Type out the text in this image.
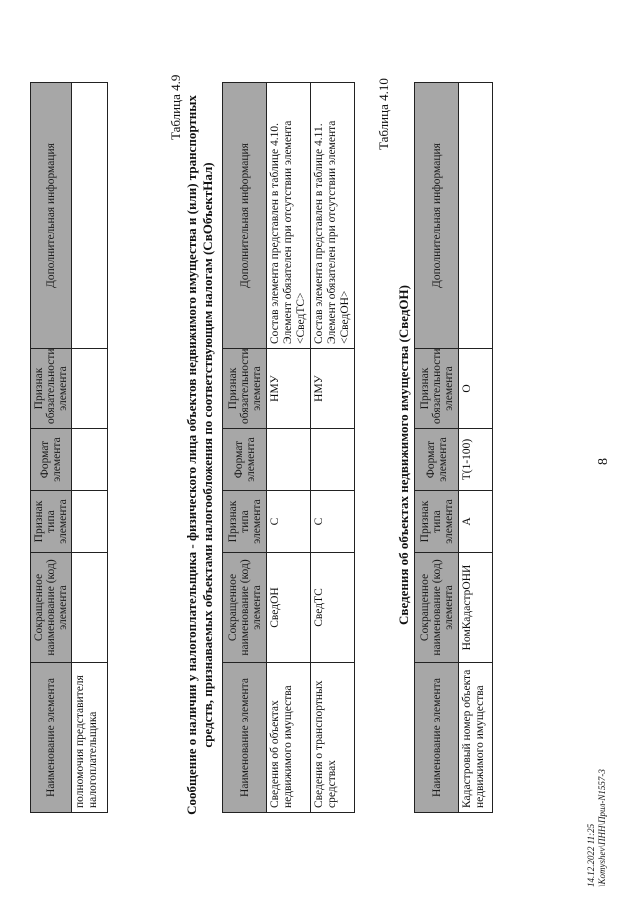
8
14.12.2022 11:25 \Komyshev\ПНН\Прил-N1557-3
Наименование элемента	Сокращенное наименование (код) элемента	Признак типа элемента	Формат элемента	Признак обязательности элемента	Дополнительная информация
полномочия представителя налогоплательщика					
Таблица 4.9 Сообщение о наличии у налогоплательщика - физического лица объектов недвижимого имущества и (или) транспортных средств, признаваемых объектами налогообложения по соответствующим налогам (СвОбъектНал) Наименование элемента	Сокращенное наименование (код) элемента	Признак типа элемента	Формат элемента	Признак обязательности элемента	Дополнительная информация
Сведения об объектах недвижимого имущества	СведОН	С		НМУ	Состав элемента представлен в таблице 4.10. Элемент обязателен при отсутствии элемента <СведТС>
Сведения о транспортных средствах	СведТС	С		НМУ	Состав элемента представлен в таблице 4.11. Элемент обязателен при отсутствии элемента <СведОН>
Таблица 4.10
Сведения об объектах недвижимого имущества (СведОН)
Наименование элемента	Сокращенное наименование (код) элемента	Признак типа элемента	Формат элемента	Признак обязательности элемента	Дополнительная информация
Кадастровый номер объекта недвижимого имущества	НомКадастрОНИ	А	T(1-100)	О	
